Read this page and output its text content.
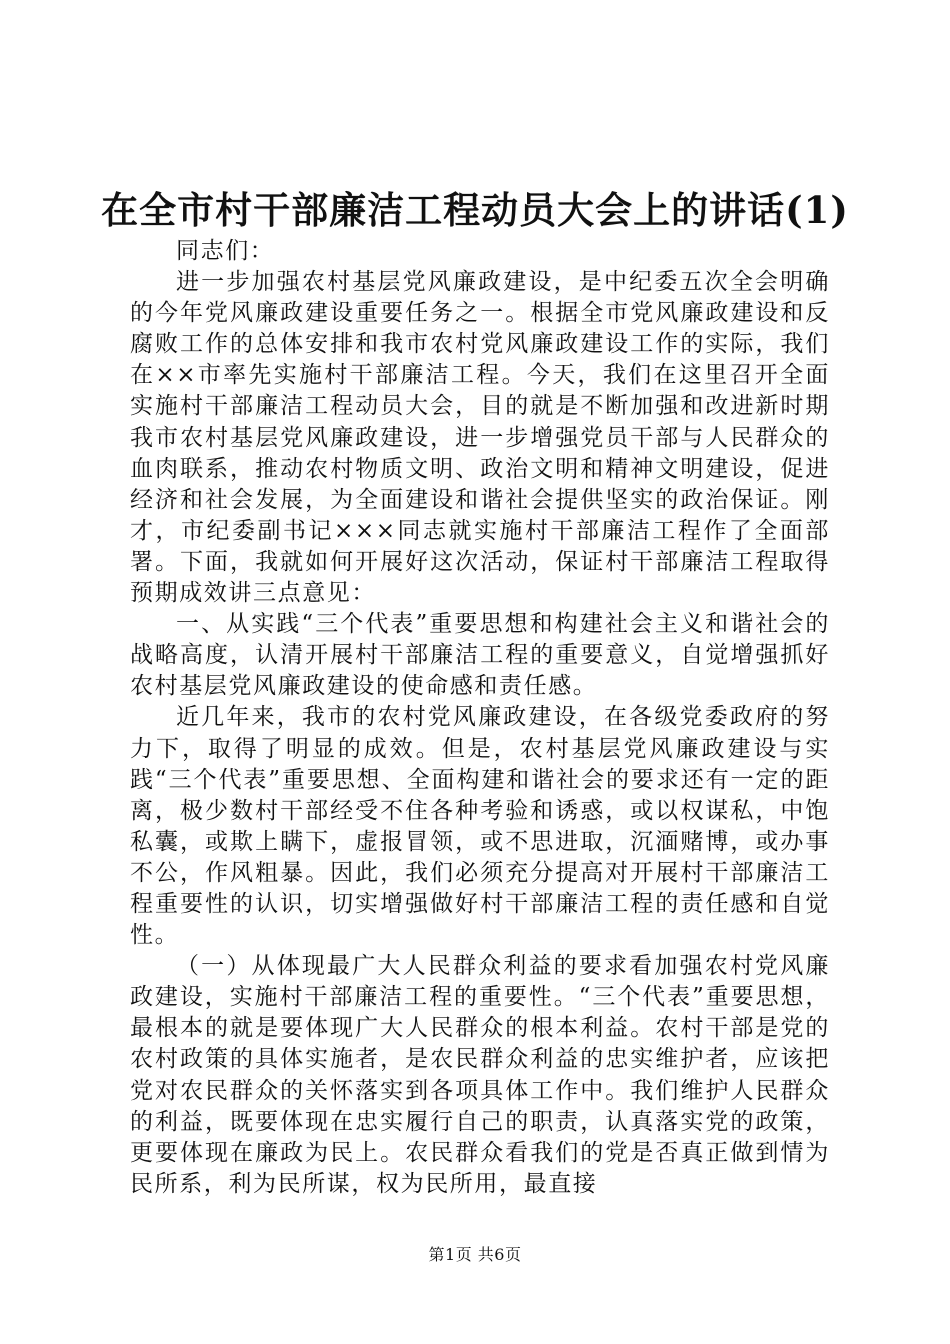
在全市村干部廉洁工程动员大会上的讲话(1)

同志们：

进一步加强农村基层党风廉政建设，是中纪委五次全会明确的今年党风廉政建设重要任务之一。根据全市党风廉政建设和反腐败工作的总体安排和我市农村党风廉政建设工作的实际，我们在××市率先实施村干部廉洁工程。今天，我们在这里召开全面实施村干部廉洁工程动员大会，目的就是不断加强和改进新时期我市农村基层党风廉政建设，进一步增强党员干部与人民群众的血肉联系，推动农村物质文明、政治文明和精神文明建设，促进经济和社会发展，为全面建设和谐社会提供坚实的政治保证。刚才，市纪委副书记×××同志就实施村干部廉洁工程作了全面部署。下面，我就如何开展好这次活动，保证村干部廉洁工程取得预期成效讲三点意见：

一、从实践“三个代表”重要思想和构建社会主义和谐社会的战略高度，认清开展村干部廉洁工程的重要意义，自觉增强抓好农村基层党风廉政建设的使命感和责任感。

近几年来，我市的农村党风廉政建设，在各级党委政府的努力下，取得了明显的成效。但是，农村基层党风廉政建设与实践“三个代表”重要思想、全面构建和谐社会的要求还有一定的距离，极少数村干部经受不住各种考验和诱惑，或以权谋私，中饱私囊，或欺上瞒下，虚报冒领，或不思进取，沉湎赌博，或办事不公，作风粗暴。因此，我们必须充分提高对开展村干部廉洁工程重要性的认识，切实增强做好村干部廉洁工程的责任感和自觉性。

（一）从体现最广大人民群众利益的要求看加强农村党风廉政建设，实施村干部廉洁工程的重要性。“三个代表”重要思想，最根本的就是要体现广大人民群众的根本利益。农村干部是党的农村政策的具体实施者，是农民群众利益的忠实维护者，应该把党对农民群众的关怀落实到各项具体工作中。我们维护人民群众的利益，既要体现在忠实履行自己的职责，认真落实党的政策，更要体现在廉政为民上。农民群众看我们的党是否真正做到情为民所系，利为民所谋，权为民所用，最直接

第1页 共6页
